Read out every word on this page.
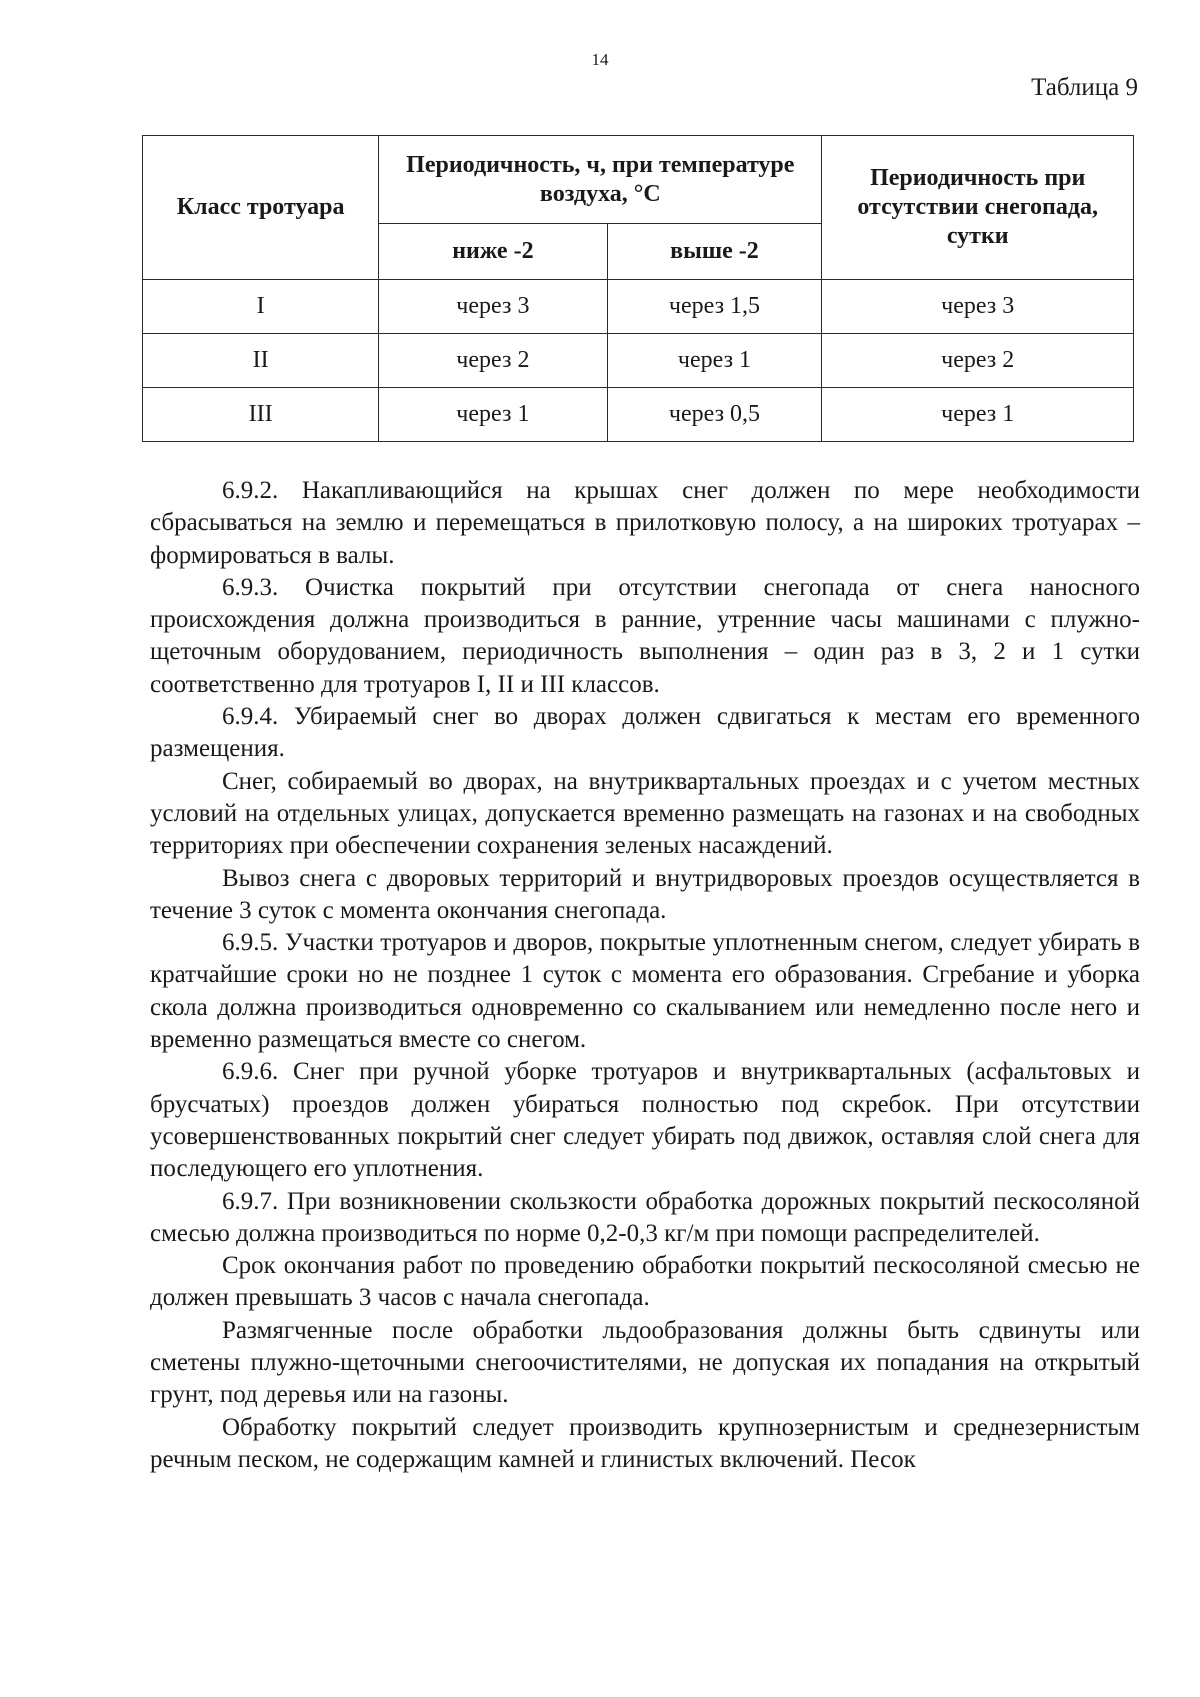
14
Таблица 9
Класс тротуара	Периодичность, ч, при температуре воздуха, °C		Периодичность при отсутствии снегопада, сутки
	ниже -2	выше -2	
I	через 3	через 1,5	через 3
II	через 2	через 1	через 2
III	через 1	через 0,5	через 1

6.9.2. Накапливающийся на крышах снег должен по мере необходимости сбрасываться на землю и перемещаться в прилотковую полосу, а на широких тротуарах – формироваться в валы.

6.9.3. Очистка покрытий при отсутствии снегопада от снега наносного происхождения должна производиться в ранние, утренние часы машинами с плужно-щеточным оборудованием, периодичность выполнения – один раз в 3, 2 и 1 сутки соответственно для тротуаров I, II и III классов.

6.9.4. Убираемый снег во дворах должен сдвигаться к местам его временного размещения.

Снег, собираемый во дворах, на внутриквартальных проездах и с учетом местных условий на отдельных улицах, допускается временно размещать на газонах и на свободных территориях при обеспечении сохранения зеленых насаждений.

Вывоз снега с дворовых территорий и внутридворовых проездов осуществляется в течение 3 суток с момента окончания снегопада.

6.9.5. Участки тротуаров и дворов, покрытые уплотненным снегом, следует убирать в кратчайшие сроки но не позднее 1 суток с момента его образования. Сгребание и уборка скола должна производиться одновременно со скалыванием или немедленно после него и временно размещаться вместе со снегом.

6.9.6. Снег при ручной уборке тротуаров и внутриквартальных (асфальтовых и брусчатых) проездов должен убираться полностью под скребок. При отсутствии усовершенствованных покрытий снег следует убирать под движок, оставляя слой снега для последующего его уплотнения.

6.9.7. При возникновении скользкости обработка дорожных покрытий пескосоляной смесью должна производиться по норме 0,2-0,3 кг/м при помощи распределителей.

Срок окончания работ по проведению обработки покрытий пескосоляной смесью не должен превышать 3 часов с начала снегопада.

Размягченные после обработки льдообразования должны быть сдвинуты или сметены плужно-щеточными снегоочистителями, не допуская их попадания на открытый грунт, под деревья или на газоны.

Обработку покрытий следует производить крупнозернистым и среднезернистым речным песком, не содержащим камней и глинистых включений. Песок
